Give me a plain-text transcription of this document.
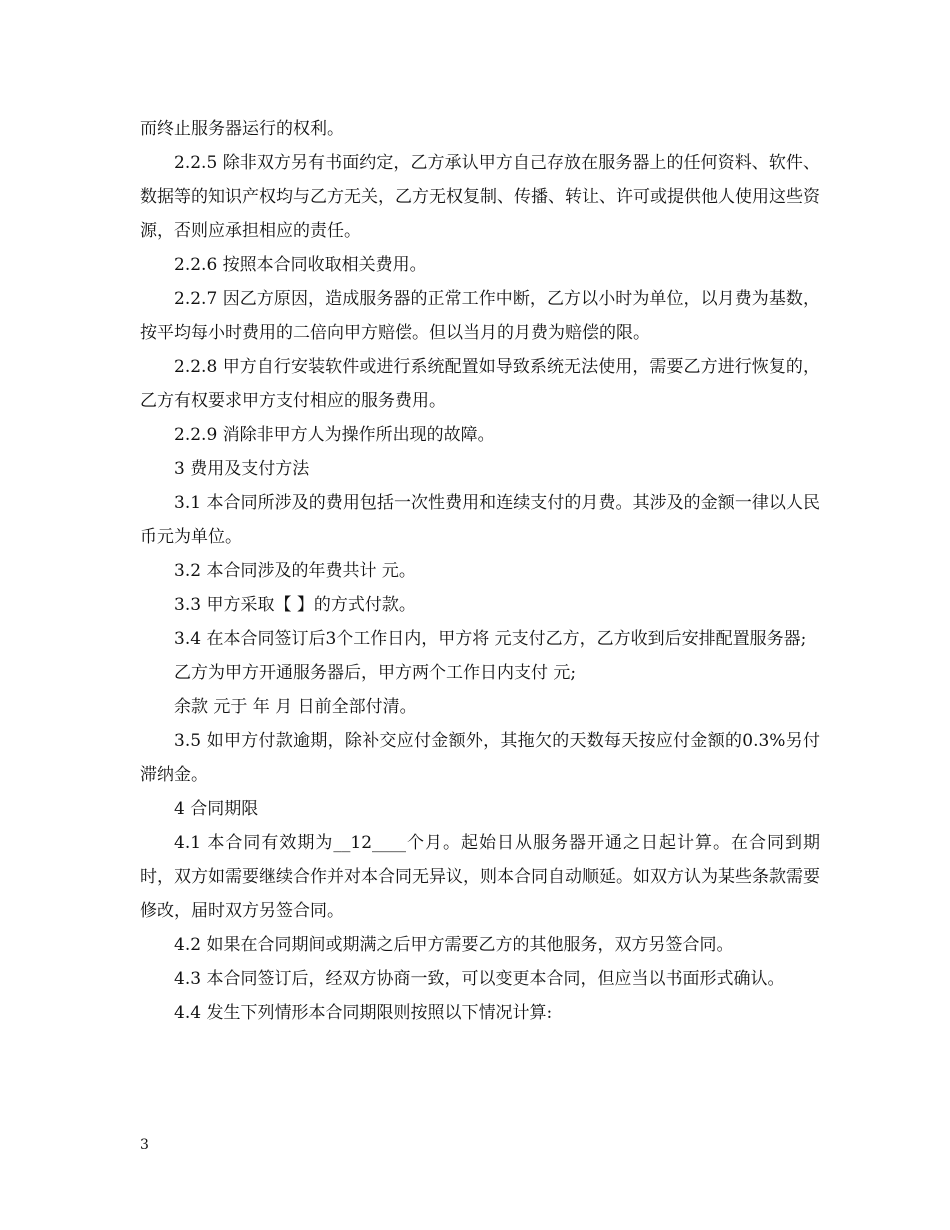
而终止服务器运行的权利。

2.2.5 除非双方另有书面约定，乙方承认甲方自己存放在服务器上的任何资料、软件、数据等的知识产权均与乙方无关，乙方无权复制、传播、转让、许可或提供他人使用这些资源，否则应承担相应的责任。

2.2.6 按照本合同收取相关费用。

2.2.7 因乙方原因，造成服务器的正常工作中断，乙方以小时为单位，以月费为基数，按平均每小时费用的二倍向甲方赔偿。但以当月的月费为赔偿的限。

2.2.8 甲方自行安装软件或进行系统配置如导致系统无法使用，需要乙方进行恢复的，乙方有权要求甲方支付相应的服务费用。

2.2.9 消除非甲方人为操作所出现的故障。

3 费用及支付方法

3.1 本合同所涉及的费用包括一次性费用和连续支付的月费。其涉及的金额一律以人民币元为单位。

3.2 本合同涉及的年费共计 元。

3.3 甲方采取【 】的方式付款。

3.4 在本合同签订后3个工作日内，甲方将 元支付乙方，乙方收到后安排配置服务器;

乙方为甲方开通服务器后，甲方两个工作日内支付 元;

余款 元于 年 月 日前全部付清。

3.5 如甲方付款逾期，除补交应付金额外，其拖欠的天数每天按应付金额的0.3%另付滞纳金。

4 合同期限

4.1 本合同有效期为__12____个月。起始日从服务器开通之日起计算。在合同到期时，双方如需要继续合作并对本合同无异议，则本合同自动顺延。如双方认为某些条款需要修改，届时双方另签合同。

4.2 如果在合同期间或期满之后甲方需要乙方的其他服务，双方另签合同。

4.3 本合同签订后，经双方协商一致，可以变更本合同，但应当以书面形式确认。

4.4 发生下列情形本合同期限则按照以下情况计算:

3
